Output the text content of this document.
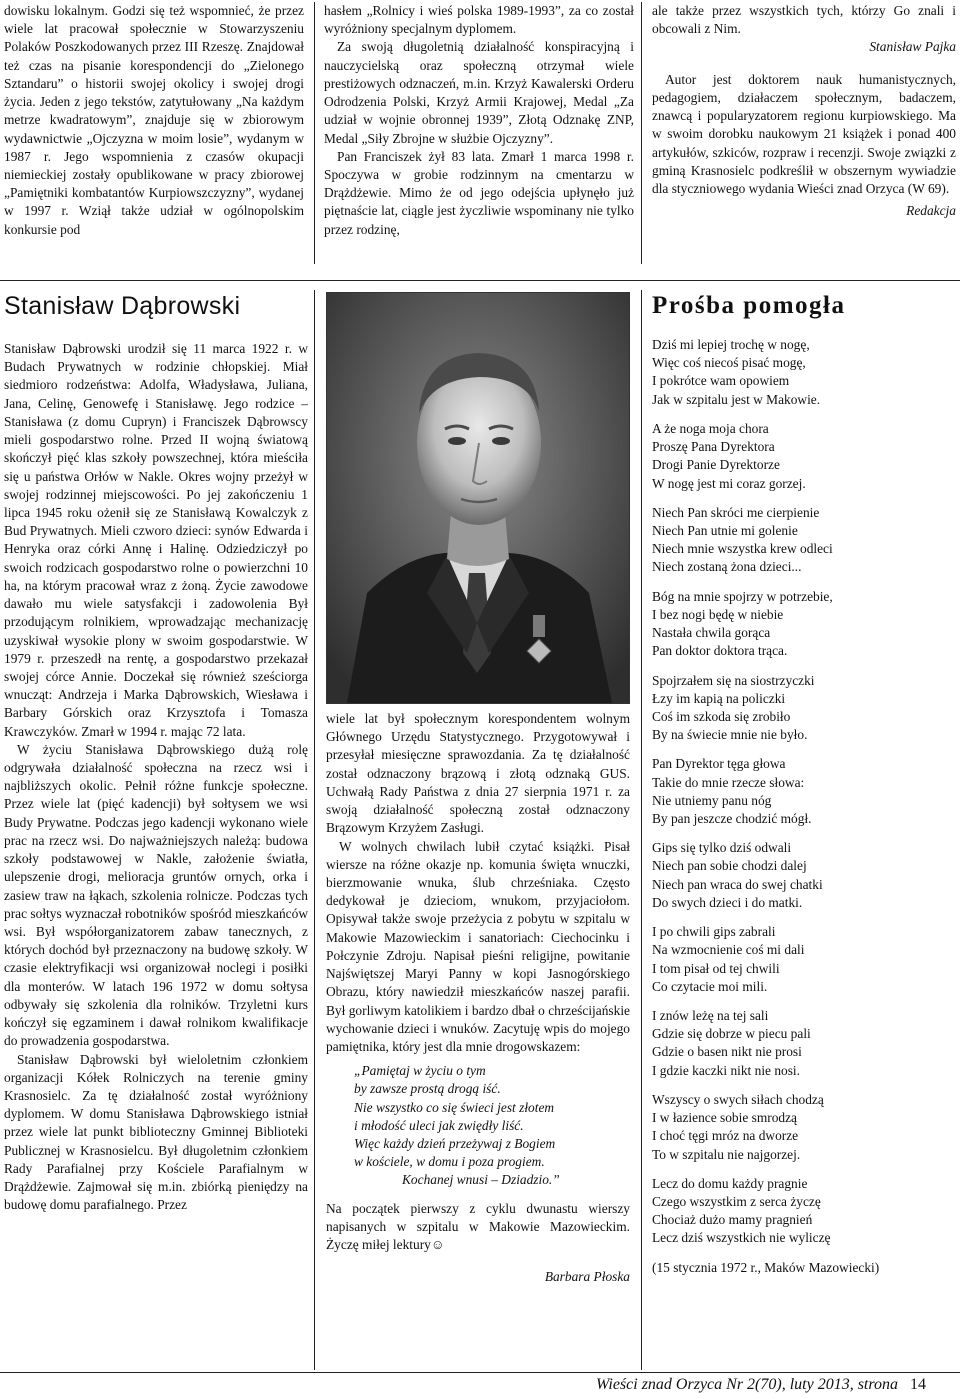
dowisku lokalnym. Godzi się też wspomnieć, że przez wiele lat pracował społecznie w Stowarzyszeniu Polaków Poszkodowanych przez III Rzeszę. Znajdował też czas na pisanie korespondencji do „Zielonego Sztandaru” o historii swojej okolicy i swojej drogi życia. Jeden z jego tekstów, zatytułowany „Na każdym metrze kwadratowym”, znajduje się w zbiorowym wydawnictwie „Ojczyzna w moim losie”, wydanym w 1987 r. Jego wspomnienia z czasów okupacji niemieckiej zostały opublikowane w pracy zbiorowej „Pamiętniki kombatantów Kurpiowszczyzny”, wydanej w 1997 r. Wziął także udział w ogólnopolskim konkursie pod

hasłem „Rolnicy i wieś polska 1989-1993”, za co został wyróżniony specjalnym dyplomem.

Za swoją długoletnią działalność konspiracyjną i nauczycielską oraz społeczną otrzymał wiele prestiżowych odznaczeń, m.in. Krzyż Kawalerski Orderu Odrodzenia Polski, Krzyż Armii Krajowej, Medal „Za udział w wojnie obronnej 1939”, Złotą Odznakę ZNP, Medal „Siły Zbrojne w służbie Ojczyzny”.

Pan Franciszek żył 83 lata. Zmarł 1 marca 1998 r. Spoczywa w grobie rodzinnym na cmentarzu w Drążdżewie. Mimo że od jego odejścia upłynęło już piętnaście lat, ciągle jest życzliwie wspominany nie tylko przez rodzinę,

ale także przez wszystkich tych, którzy Go znali i obcowali z Nim.

Stanisław Pajka

Autor jest doktorem nauk humanistycznych, pedagogiem, działaczem społecznym, badaczem, znawcą i popularyzatorem regionu kurpiowskiego. Ma w swoim dorobku naukowym 21 książek i ponad 400 artykułów, szkiców, rozpraw i recenzji. Swoje związki z gminą Krasnosielc podkreślił w obszernym wywiadzie dla styczniowego wydania Wieści znad Orzyca (W 69).

Redakcja

Stanisław Dąbrowski

Stanisław Dąbrowski urodził się 11 marca 1922 r. w Budach Prywatnych w rodzinie chłopskiej. Miał siedmioro rodzeństwa: Adolfa, Władysława, Juliana, Jana, Celinę, Genowefę i Stanisławę. Jego rodzice – Stanisława (z domu Cupryn) i Franciszek Dąbrowscy mieli gospodarstwo rolne. Przed II wojną światową skończył pięć klas szkoły powszechnej, która mieściła się u państwa Orłów w Nakle. Okres wojny przeżył w swojej rodzinnej miejscowości. Po jej zakończeniu 1 lipca 1945 roku ożenił się ze Stanisławą Kowalczyk z Bud Prywatnych. Mieli czworo dzieci: synów Edwarda i Henryka oraz córki Annę i Halinę. Odziedziczył po swoich rodzicach gospodarstwo rolne o powierzchni 10 ha, na którym pracował wraz z żoną. Życie zawodowe dawało mu wiele satysfakcji i zadowolenia Był przodującym rolnikiem, wprowadzając mechanizację uzyskiwał wysokie plony w swoim gospodarstwie. W 1979 r. przeszedł na rentę, a gospodarstwo przekazał swojej córce Annie. Doczekał się również sześciorga wnucząt: Andrzeja i Marka Dąbrowskich, Wiesława i Barbary Górskich oraz Krzysztofa i Tomasza Krawczyków. Zmarł w 1994 r. mając 72 lata.

W życiu Stanisława Dąbrowskiego dużą rolę odgrywała działalność społeczna na rzecz wsi i najbliższych okolic. Pełnił różne funkcje społeczne. Przez wiele lat (pięć kadencji) był sołtysem we wsi Budy Prywatne. Podczas jego kadencji wykonano wiele prac na rzecz wsi. Do najważniejszych należą: budowa szkoły podstawowej w Nakle, założenie światła, ulepszenie drogi, melioracja gruntów ornych, orka i zasiew traw na łąkach, szkolenia rolnicze. Podczas tych prac sołtys wyznaczał robotników spośród mieszkańców wsi. Był współorganizatorem zabaw tanecznych, z których dochód był przeznaczony na budowę szkoły. W czasie elektryfikacji wsi organizował noclegi i posiłki dla monterów. W latach 196 1972 w domu sołtysa odbywały się szkolenia dla rolników. Trzyletni kurs kończył się egzaminem i dawał rolnikom kwalifikacje do prowadzenia gospodarstwa.

Stanisław Dąbrowski był wieloletnim członkiem organizacji Kółek Rolniczych na terenie gminy Krasnosielc. Za tę działalność został wyróżniony dyplomem. W domu Stanisława Dąbrowskiego istniał przez wiele lat punkt biblioteczny Gminnej Biblioteki Publicznej w Krasnosielcu. Był długoletnim członkiem Rady Parafialnej przy Kościele Parafialnym w Drążdżewie. Zajmował się m.in. zbiórką pieniędzy na budowę domu parafialnego. Przez

wiele lat był społecznym korespondentem wolnym Głównego Urzędu Statystycznego. Przygotowywał i przesyłał miesięczne sprawozdania. Za tę działalność został odznaczony brązową i złotą odznaką GUS. Uchwałą Rady Państwa z dnia 27 sierpnia 1971 r. za swoją działalność społeczną został odznaczony Brązowym Krzyżem Zasługi.

W wolnych chwilach lubił czytać książki. Pisał wiersze na różne okazje np. komunia święta wnuczki, bierzmowanie wnuka, ślub chrześniaka. Często dedykował je dzieciom, wnukom, przyjaciołom. Opisywał także swoje przeżycia z pobytu w szpitalu w Makowie Mazowieckim i sanatoriach: Ciechocinku i Połczynie Zdroju. Napisał pieśni religijne, powitanie Najświętszej Maryi Panny w kopi Jasnogórskiego Obrazu, który nawiedził mieszkańców naszej parafii. Był gorliwym katolikiem i bardzo dbał o chrześcijańskie wychowanie dzieci i wnuków. Zacytuję wpis do mojego pamiętnika, który jest dla mnie drogowskazem:

„Pamiętaj w życiu o tym
by zawsze prostą drogą iść.
Nie wszystko co się świeci jest złotem
i młodość uleci jak zwiędły liść.
Więc każdy dzień przeżywaj z Bogiem
w kościele, w domu i poza progiem.
Kochanej wnusi – Dziadzio.”

Na początek pierwszy z cyklu dwunastu wierszy napisanych w szpitalu w Makowie Mazowieckim. Życzę miłej lektury☺

Barbara Płoska

Prośba pomogła
Dziś mi lepiej trochę w nogę,
Więc coś niecoś pisać mogę,
I pokrótce wam opowiem
Jak w szpitalu jest w Makowie.
A że noga moja chora
Proszę Pana Dyrektora
Drogi Panie Dyrektorze
W nogę jest mi coraz gorzej.
Niech Pan skróci me cierpienie
Niech Pan utnie mi golenie
Niech mnie wszystka krew odleci
Niech zostaną żona dzieci...
Bóg na mnie spojrzy w potrzebie,
I bez nogi będę w niebie
Nastała chwila gorąca
Pan doktor doktora trąca.
Spojrzałem się na siostrzyczki
Łzy im kapią na policzki
Coś im szkoda się zrobiło
By na świecie mnie nie było.
Pan Dyrektor tęga głowa
Takie do mnie rzecze słowa:
Nie utniemy panu nóg
By pan jeszcze chodzić mógł.
Gips się tylko dziś odwali
Niech pan sobie chodzi dalej
Niech pan wraca do swej chatki
Do swych dzieci i do matki.
I po chwili gips zabrali
Na wzmocnienie coś mi dali
I tom pisał od tej chwili
Co czytacie moi mili.
I znów leżę na tej sali
Gdzie się dobrze w piecu pali
Gdzie o basen nikt nie prosi
I gdzie kaczki nikt nie nosi.
Wszyscy o swych siłach chodzą
I w łazience sobie smrodzą
I choć tęgi mróz na dworze
To w szpitalu nie najgorzej.
Lecz do domu każdy pragnie
Czego wszystkim z serca życzę
Chociaż dużo mamy pragnień
Lecz dziś wszystkich nie wyliczę
(15 stycznia 1972 r., Maków Mazowiecki)
Wieści znad Orzyca Nr 2(70), luty 2013, strona 14
